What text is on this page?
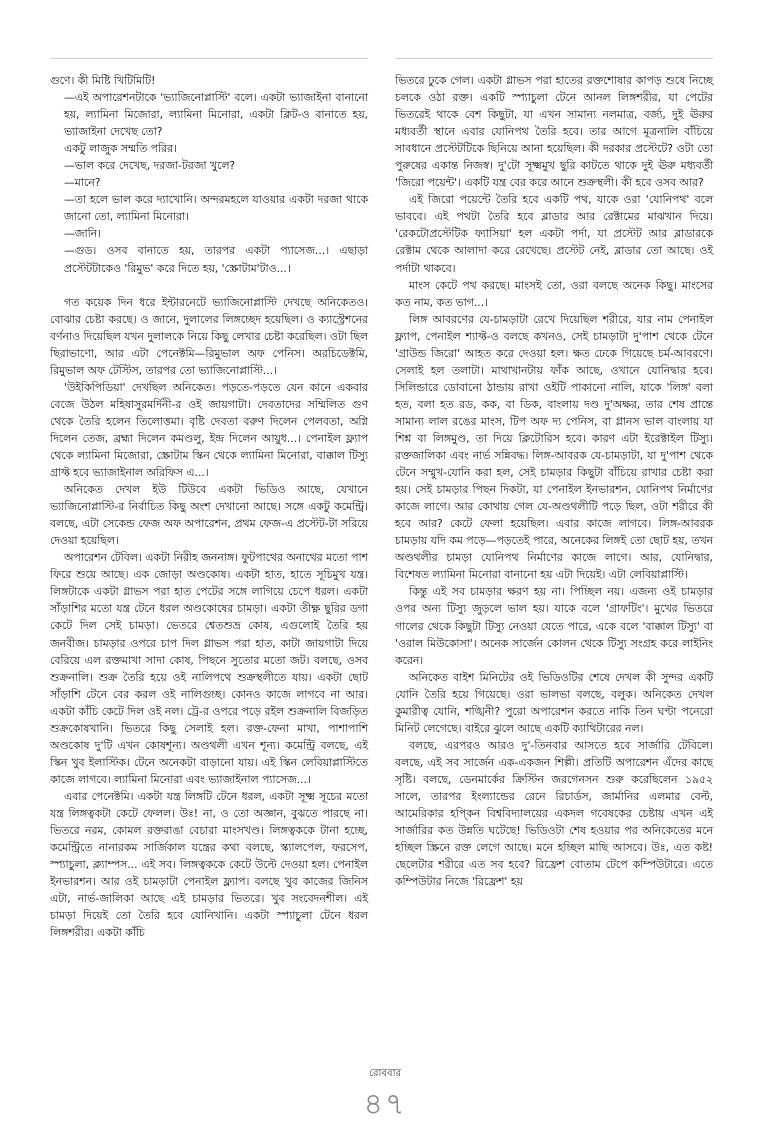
গুণে। কী মিষ্টি খিটিমিটি!

—এই অপারেশনটাকে 'ভ্যাজিনোপ্লাস্টি' বলে। একটা ভ্যাজাইনা বানানো হয়, ল্যামিনা মিজোরা, ল্যামিনা মিনোরা, একটা ক্লিট-ও বানাতে হয়, ভ্যাজাইনা দেখেছ তো?

একটু লাজুক সম্মতি পরির।

—ভাল করে দেখেছ, দরজা-টরজা খুলে?

—মানে?

—তা হলে ভাল করে দ্যাখোনি। অন্দরমহলে যাওয়ার একটা দরজা থাকে জানো তো, ল্যামিনা মিনোরা।

—জানি।

—গুড। ওসব বানাতে হয়, তারপর একটা প্যাসেজ...। এছাড়া প্রস্টেটটাকেও 'রিমুভ' করে দিতে হয়, 'স্ক্রোটাম'টাও...।

গত কয়েক দিন ধরে ইন্টারনেটে ভ্যাজিনোপ্লাস্টি দেখছে অনিকেতও। বোঝার চেষ্টা করছে। ও জানে, দুলালের লিঙ্গচ্ছেদ হয়েছিল। ও ক্যাস্ট্রেশনের বর্ণনাও দিয়েছিল যখন দুলালকে নিয়ে কিছু লেখার চেষ্টা করেছিল। ওটা ছিল ছিরাভাণো, আর এটা পেনেক্টমি—রিমুভাল অফ পেনিস। অরচিডেক্টমি, রিমুভাল অফ টেস্টিস, তারপর তো ভ্যাজিনোপ্লাস্টি...।

'উইকিপিডিয়া' দেখছিল অনিকেত। পড়তে-পড়তে যেন কানে একবার বেজে উঠল মহিষাসুরমর্দিনী-র ওই জায়গাটা। দেবতাদের সম্মিলিত গুণ থেকে তৈরি হলেন তিলোত্তমা। বৃষ্টি দেবতা বরুণ দিলেন পেলবতা, অগ্নি দিলেন তেজ, ব্রহ্মা দিলেন কমণ্ডলু, ইন্দ্র দিলেন আয়ুধ...। পেনাইল ফ্ল্যাপ থেকে ল্যামিনা মিজোরা, স্ক্রোটাম স্কিন থেকে ল্যামিনা মিনোরা, বাক্কাল টিস্যু গ্রাফ্ট হবে ভ্যাজাইনাল অরিফিস এ...।

অনিকেত দেখল ইউ টিউবে একটা ভিডিও আছে, যেখানে ভ্যাজিনোপ্লাস্টি-র নির্বাচিত কিছু অংশ দেখানো আছে। সঙ্গে একটু কমেন্ট্রি। বলছে, এটা সেকেন্ড ফেজ অফ অপারেশন, প্রথম ফেজ-এ প্রস্টেট-টা সরিয়ে দেওয়া হয়েছিল।

অপারেশন টেবিল। একটা নিরীহ জননাঙ্গ। ফুটপাথের অনাথের মতো পাশ ফিরে শুয়ে আছে। এক জোড়া অণ্ডকোষ। একটা হাত, হাতে সূচিমুখ যন্ত্র। লিঙ্গটাকে একটা গ্লাভস পরা হাত পেটের সঙ্গে লাগিয়ে চেপে ধরল। একটা সাঁড়াশির মতো যন্ত্র টেনে ধরল অণ্ডকোষের চামড়া। একটা তীক্ষ্ণ ছুরির ডগা কেটে দিল সেই চামড়া। ভেতরে শ্বেতশুভ্র কোষ, এগুলোই তৈরি হয় জনবীজ। চামড়ার ওপরে চাপ দিল গ্লাভস পরা হাত, কাটা জায়গাটা দিয়ে বেরিয়ে এল রক্তমাখা সাদা কোষ, পিছনে সুতোর মতো জট। বলছে, ওসব শুক্রনালি। শুক্র তৈরি হয়ে ওই নালিপথে শুক্রস্থলীতে যায়। একটা ছোট সাঁড়াশি টেনে বের করল ওই নালিগুচ্ছ। কোনও কাজে লাগবে না আর। একটা কাঁচি কেটে দিল ওই নল। ট্রে-র ওপরে পড়ে রইল শুক্রনালি বিজড়িত শুক্রকোষখানি। ভিতরে কিছু সেলাই হল। রক্ত-ফেনা মাখা, পাশাপাশি অণ্ডকোষ দু'টি এখন কোষশূন্য। অণ্ডথলী এখন শূন্য। কমেন্ট্রি বলছে, এই স্কিন খুব ইলাস্টিক। টেনে অনেকটা বাড়ানো যায়। এই স্কিন লেবিয়াপ্লাস্টিতে কাজে লাগবে। ল্যামিনা মিনোরা এবং ভ্যাজাইনাল প্যাসেজ...।

এবার পেনেক্টমি। একটা যন্ত্র লিঙ্গটি টেনে ধরল, একটা সূক্ষ্ম সূচের মতো যন্ত্র লিঙ্গত্বকটা কেটে ফেলল। উঃ! না, ও তো অজ্ঞান, বুঝতে পারছে না। ভিতরে নরম, কোমল রক্তরাঙা বেচারা মাংসখণ্ড। লিঙ্গত্বককে টানা হচ্ছে, কমেন্ট্রিতে নানারকম সার্জিকাল যন্ত্রের কথা বলছে, স্ক্যালপেল, ফরসেপ, স্প্যাচুলা, ক্ল্যাম্পস... এই সব। লিঙ্গত্বককে কেটে উল্টে দেওয়া হল। পেনাইল ইনভারশন। আর ওই চামড়াটা পেনাইল ফ্ল্যাপ। বলছে খুব কাজের জিনিস এটা, নার্ভ-জালিকা আছে এই চামড়ার ভিতরে। খুব সংবেদনশীল। এই চামড়া দিয়েই তো তৈরি হবে যোনিখানি। একটা স্প্যাচুলা টেনে ধরল লিঙ্গশরীর। একটা কাঁচি

ভিতরে ঢুকে গেল। একটা গ্লাভস পরা হাতের রক্তশোষার কাপড় শুষে নিচ্ছে চলকে ওঠা রক্ত। একটি স্প্যাচুলা টেনে আনল লিঙ্গশরীর, যা পেটের ভিতরেই থাকে বেশ কিছুটা, যা এখন সামান্য নলমাত্র, বর্জ্য, দুই ঊরুর মধ্যবর্তী স্থানে এবার যোনিপথ তৈরি হবে। তার আগে মূত্রনালি বাঁচিয়ে সাবধানে প্রস্টেটটিকে ছিনিয়ে আনা হয়েছিল। কী দরকার প্রস্টেটে? ওটা তো পুরুষের একান্ত নিজস্ব। দু'টো সূক্ষ্মমুখ ছুরি কাটতে থাকে দুই ঊরু মধ্যবর্তী 'জিরো পয়েন্ট'। একটি যন্ত্র বের করে আনে শুক্রস্থলী। কী হবে ওসব আর?

এই জিরো পয়েন্টে তৈরি হবে একটি পথ, যাকে ওরা 'যোনিপথ' বলে ভাববে। এই পথটা তৈরি হবে ব্লাডার আর রেক্টামের মাঝখান দিয়ে। 'রেকটোপ্রস্টেটিক ফ্যাসিয়া' হল একটা পর্দা, যা প্রস্টেট আর ব্লাডারকে রেক্টাম থেকে আলাদা করে রেখেছে। প্রস্টেট নেই, ব্লাডার তো আছে। ওই পর্দাটা থাকবে।

মাংস কেটে পথ করছে। মাংসই তো, ওরা বলছে অনেক কিছু। মাংসের কত নাম, কত ভাগ...।

লিঙ্গ আবরণের যে-চামড়াটা রেখে দিয়েছিল শরীরে, যার নাম পেনাইল ফ্ল্যাপ, পেনাইল শ্যাফ্ট-ও বলছে কখনও, সেই চামড়াটা দু'পাশ থেকে টেনে 'গ্রাউন্ড জিরো' আহত করে দেওয়া হল। ক্ষত ঢেকে গিয়েছে চর্ম-আবরণে। সেলাই হল তলাটা। মাথাখানটায় ফাঁক আছে, ওখানে যোনিদ্বার হবে। সিলিন্ডারে ডোবানো ঠান্ডায় রাখা ওইটি পাকানো নালি, যাকে 'লিঙ্গ' বলা হত, বলা হত রড, কক, বা ডিক, বাংলায় দণ্ড দু'অক্ষর, তার শেষ প্রান্তে সামান্য লাল রঙের মাংস, টিপ অফ দ্য পেনিস, বা গ্লানস ভাল বাংলায় যা শিশ্ন বা লিঙ্গমুণ্ড, তা দিয়ে ক্লিটোরিস হবে। কারণ এটা ইরেক্টাইল টিস্যু। রক্তজালিকা এবং নার্ভ সন্নিবদ্ধ। লিঙ্গ-আবরক যে-চামড়াটা, যা দু'পাশ থেকে টেনে সম্মুখ-যোনি করা হল, সেই চামড়ার কিছুটা বাঁচিয়ে রাখার চেষ্টা করা হয়। সেই চামড়ার পিছন দিকটা, যা পেনাইল ইনভারশন, যোনিপথ নির্মাণের কাজে লাগে। আর কোথায় গেল যে-অণ্ডথলীটি পড়ে ছিল, ওটা শরীরে কী হবে আর? কেটে ফেলা হয়েছিল। এবার কাজে লাগবে। লিঙ্গ-আবরক চামড়ায় যদি কম পড়ে—পড়তেই পারে, অনেকের লিঙ্গই তো ছোট হয়, তখন অণ্ডথলীর চামড়া যোনিপথ নির্মাণের কাজে লাগে। আর, যোনিদ্বার, বিশেষত ল্যামিনা মিনোরা বানানো হয় এটা দিয়েই। এটা লেবিয়াপ্লাস্টি।

কিন্তু এই সব চামড়ার ক্ষরণ হয় না। পিচ্ছিল নয়। এজন্য ওই চামড়ার ওপর অন্য টিস্যু জুড়লে ভাল হয়। যাকে বলে 'গ্রাফটিং'। মুখের ভিতরে গালের থেকে কিছুটা টিস্যু নেওয়া যেতে পারে, একে বলে 'বাক্কাল টিস্যু' বা 'ওরাল মিউকোসা'। অনেক সার্জেন কোলন থেকে টিস্যু সংগ্রহ করে লাইনিং করেন।

অনিকেত বাইশ মিনিটের ওই ভিডিওটির শেষে দেখল কী সুন্দর একটি যোনি তৈরি হয়ে গিয়েছে। ওরা ভালভা বলছে, বলুক। অনিকেত দেখল কুমারীত্ব যোনি, শঙ্খিনী? পুরো অপারেশন করতে নাকি তিন ঘণ্টা পনেরো মিনিট লেগেছে। বাইরে ঝুলে আছে একটি ক্যাথিটারের নল।

বলছে, এরপরও আরও দু'-তিনবার আসতে হবে সার্জারি টেবিলে। বলছে, এই সব সার্জেন এক-একজন শিল্পী। প্রতিটি অপারেশন এঁদের কাছে সৃষ্টি। বলছে, ডেনমার্কের ক্রিস্টিন জরগেনসন শুরু করেছিলেন ১৯৫২ সালে, তারপর ইংল্যান্ডের রেনে রিচার্ডস, জার্মানির এলমার বেল্ট, আমেরিকার হপ্কিন বিশ্ববিদ্যালয়ের একদল গবেষকের চেষ্টায় এখন এই সার্জারির কত উন্নতি ঘটেছে! ভিডিওটা শেষ হওয়ার পর অনিকেতের মনে হচ্ছিল স্ক্রিনে রক্ত লেগে আছে। মনে হচ্ছিল মাছি আসবে। উঃ, এত কষ্ট! ছেলেটার শরীরে এত সব হবে? রিফ্রেশ বোতাম টেপে কম্পিউটারে। এতে কম্পিউটার নিজে 'রিফ্রেশ' হয়

রোববার
৪৭
